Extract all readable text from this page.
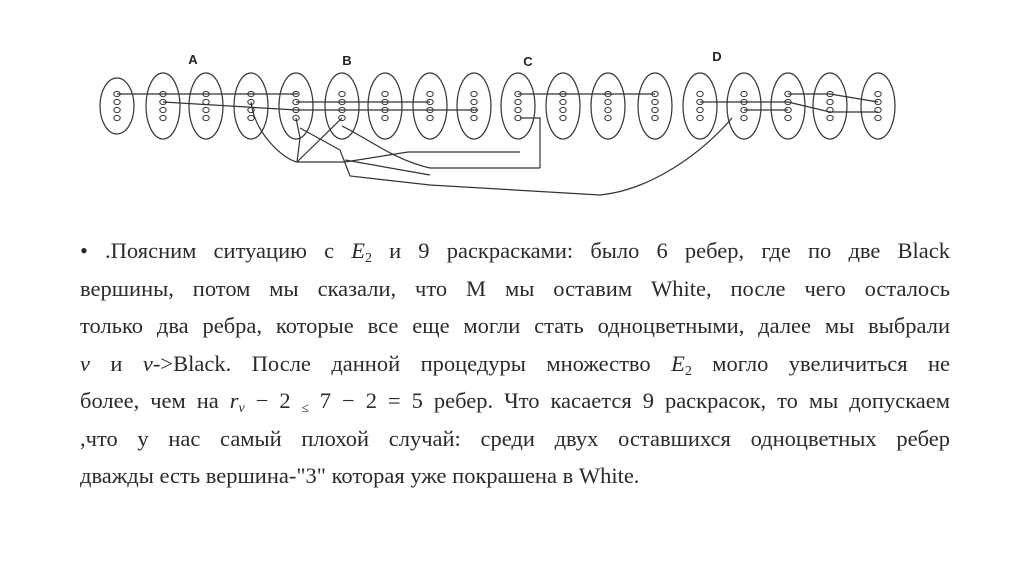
A	B	C	D
• .Поясним ситуацию с $E_2$ и 9 раскрасками: было 6 ребер, где по две Black
вершины, потом мы сказали, что M мы оставим White, после чего осталось
только два ребра, которые все еще могли стать одноцветными, далее мы выбрали
v и v->Black. После данной процедуры множество $E_2$ могло увеличиться не
более, чем на $r_v - 2 \le 7 - 2 = 5$ ребер. Что касается 9 раскрасок, то мы допускаем
,что у нас самый плохой случай: среди двух оставшихся одноцветных ребер
дважды есть вершина-"3" которая уже покрашена в White.
